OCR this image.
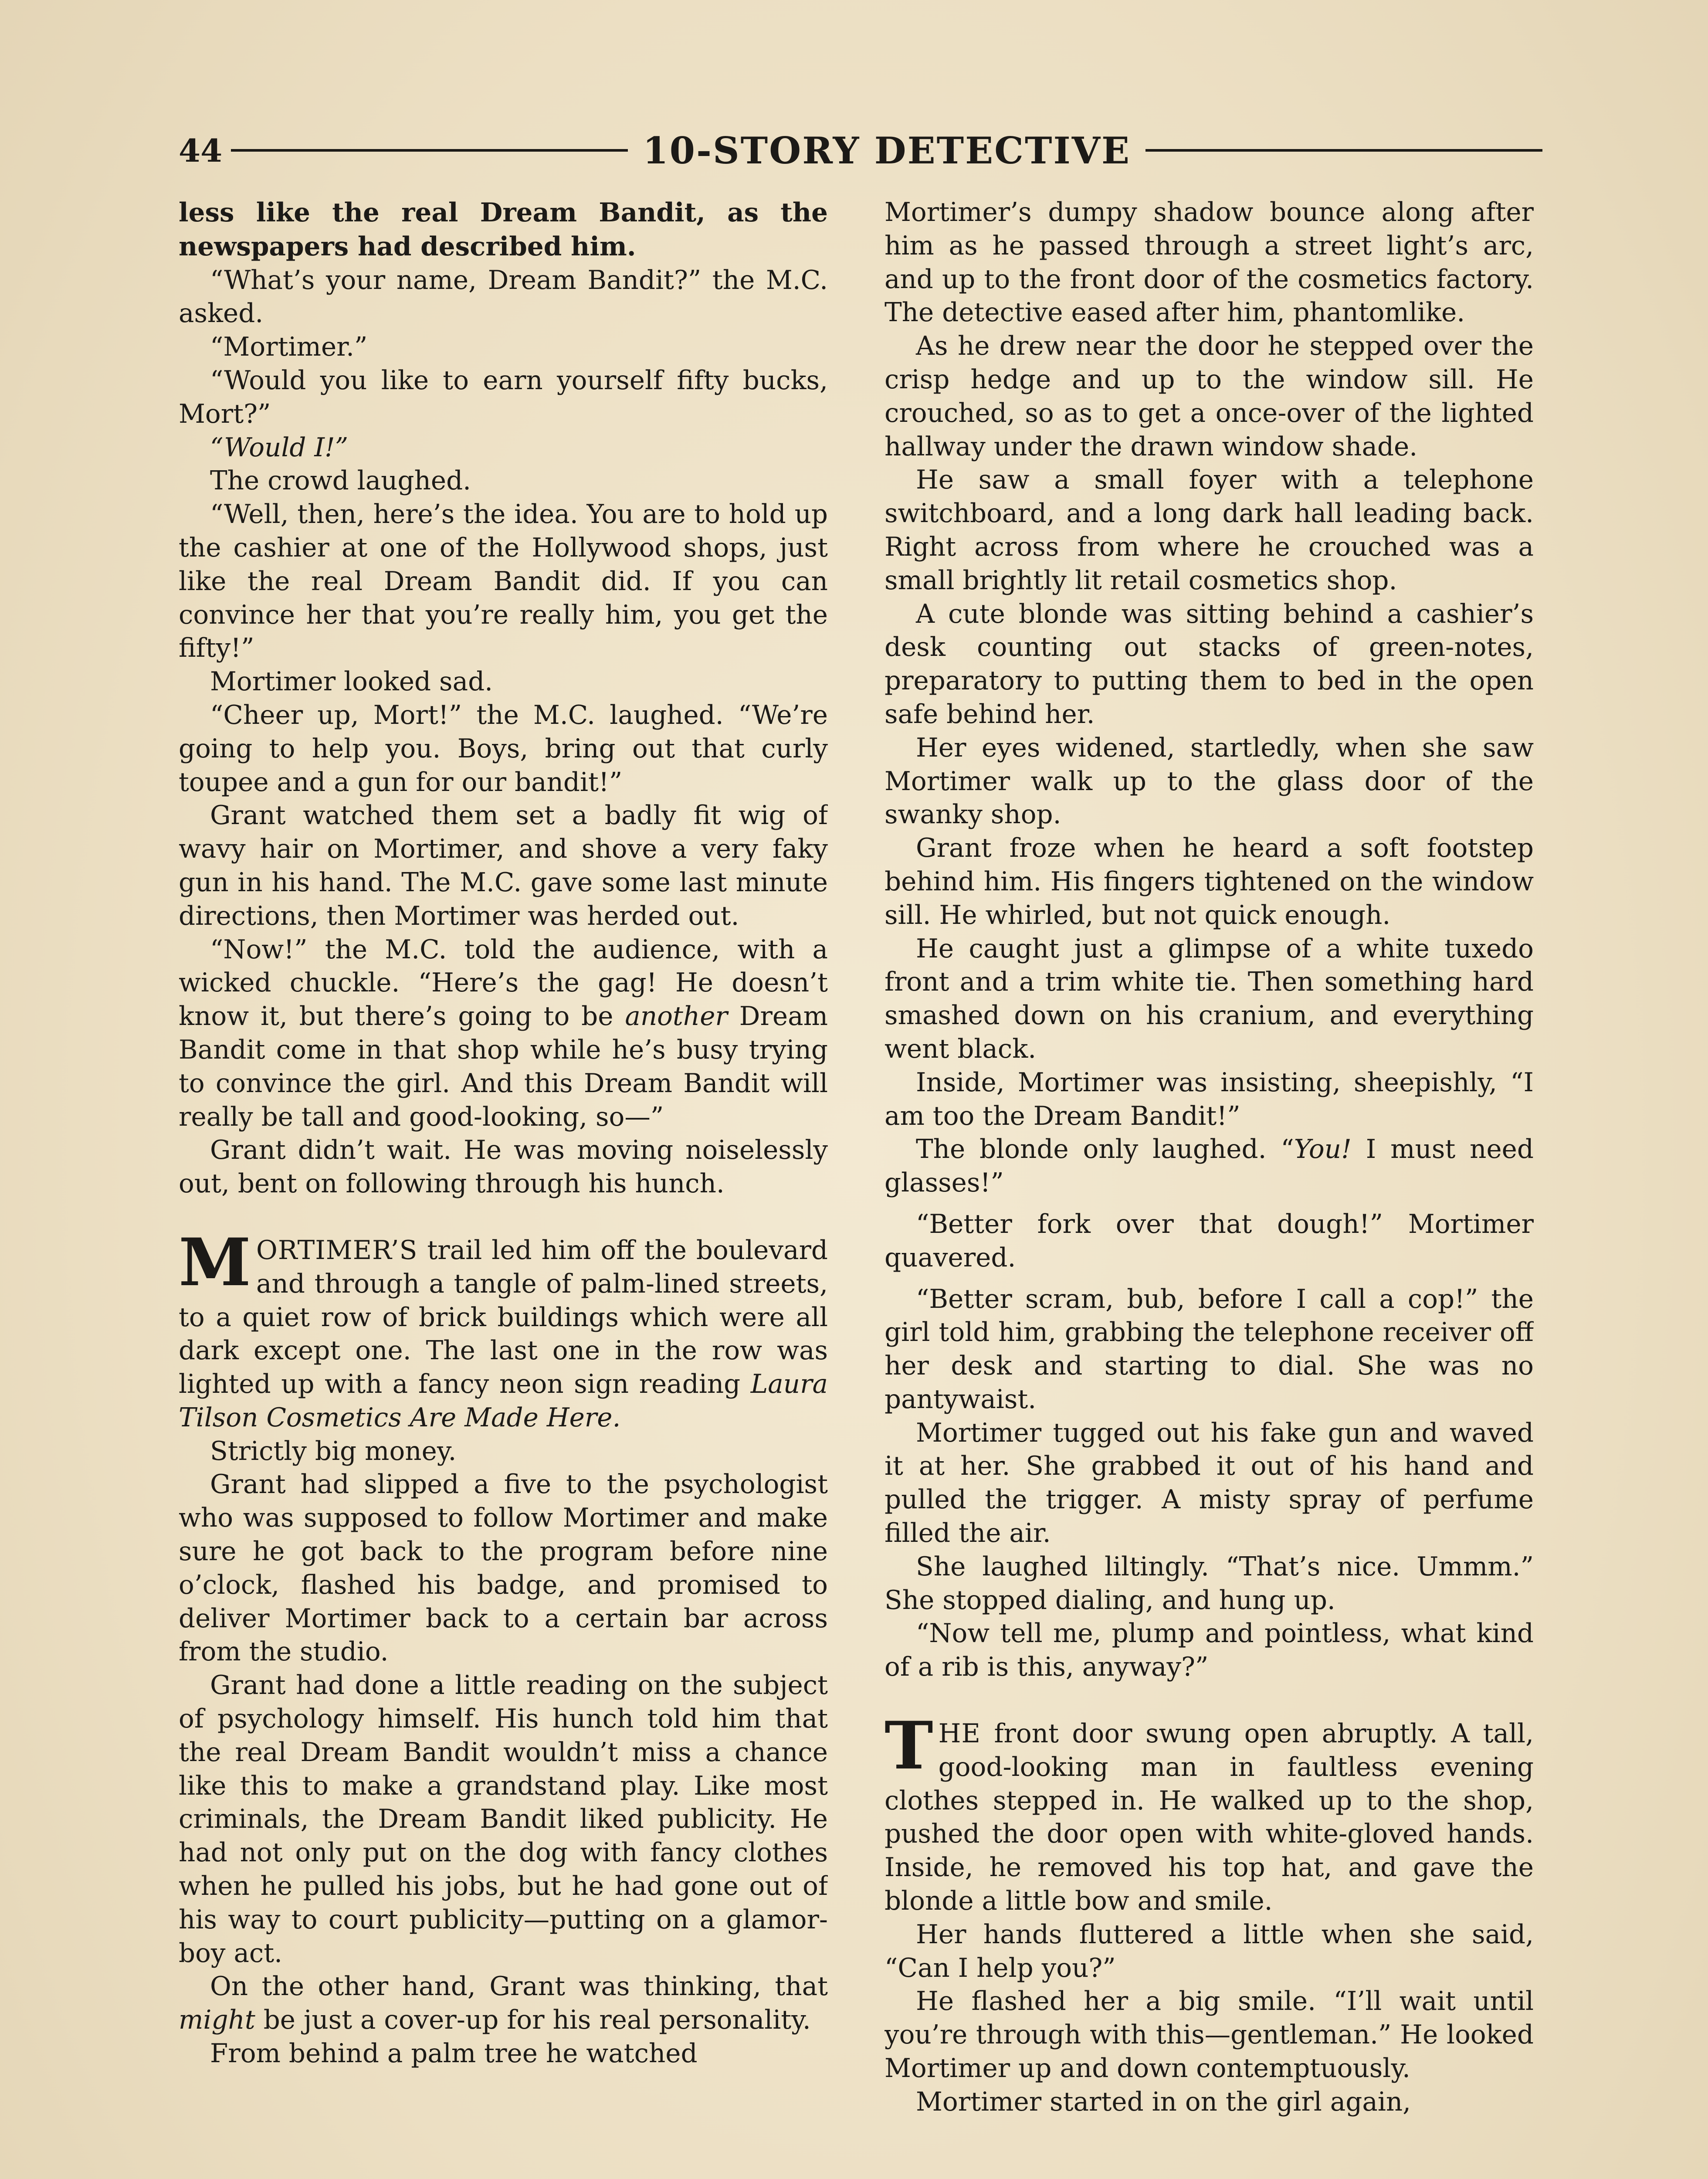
44	10-STORY DETECTIVE

less like the real Dream Bandit, as the newspapers had described him.

“What’s your name, Dream Bandit?” the M.C. asked.

“Mortimer.”

“Would you like to earn yourself fifty bucks, Mort?”

“Would I!”

The crowd laughed.

“Well, then, here’s the idea. You are to hold up the cashier at one of the Hollywood shops, just like the real Dream Bandit did. If you can convince her that you’re really him, you get the fifty!”

Mortimer looked sad.

“Cheer up, Mort!” the M.C. laughed. “We’re going to help you. Boys, bring out that curly toupee and a gun for our bandit!”

Grant watched them set a badly fit wig of wavy hair on Mortimer, and shove a very faky gun in his hand. The M.C. gave some last minute directions, then Mortimer was herded out.

“Now!” the M.C. told the audience, with a wicked chuckle. “Here’s the gag! He doesn’t know it, but there’s going to be another Dream Bandit come in that shop while he’s busy trying to convince the girl. And this Dream Bandit will really be tall and good-looking, so—”

Grant didn’t wait. He was moving noiselessly out, bent on following through his hunch.

MORTIMER’S trail led him off the boulevard and through a tangle of palm-lined streets, to a quiet row of brick buildings which were all dark except one. The last one in the row was lighted up with a fancy neon sign reading Laura Tilson Cosmetics Are Made Here.

Strictly big money.

Grant had slipped a five to the psychologist who was supposed to follow Mortimer and make sure he got back to the program before nine o’clock, flashed his badge, and promised to deliver Mortimer back to a certain bar across from the studio.

Grant had done a little reading on the subject of psychology himself. His hunch told him that the real Dream Bandit wouldn’t miss a chance like this to make a grandstand play. Like most criminals, the Dream Bandit liked publicity. He had not only put on the dog with fancy clothes when he pulled his jobs, but he had gone out of his way to court publicity—putting on a glamor-boy act.

On the other hand, Grant was thinking, that might be just a cover-up for his real personality.

From behind a palm tree he watched

Mortimer’s dumpy shadow bounce along after him as he passed through a street light’s arc, and up to the front door of the cosmetics factory. The detective eased after him, phantomlike.

As he drew near the door he stepped over the crisp hedge and up to the window sill. He crouched, so as to get a once-over of the lighted hallway under the drawn window shade.

He saw a small foyer with a telephone switchboard, and a long dark hall leading back. Right across from where he crouched was a small brightly lit retail cosmetics shop.

A cute blonde was sitting behind a cashier’s desk counting out stacks of green-notes, preparatory to putting them to bed in the open safe behind her.

Her eyes widened, startledly, when she saw Mortimer walk up to the glass door of the swanky shop.

Grant froze when he heard a soft footstep behind him. His fingers tightened on the window sill. He whirled, but not quick enough.

He caught just a glimpse of a white tuxedo front and a trim white tie. Then something hard smashed down on his cranium, and everything went black.

Inside, Mortimer was insisting, sheepishly, “I am too the Dream Bandit!”

The blonde only laughed. “You! I must need glasses!”

“Better fork over that dough!” Mortimer quavered.

“Better scram, bub, before I call a cop!” the girl told him, grabbing the telephone receiver off her desk and starting to dial. She was no pantywaist.

Mortimer tugged out his fake gun and waved it at her. She grabbed it out of his hand and pulled the trigger. A misty spray of perfume filled the air.

She laughed liltingly. “That’s nice. Ummm.” She stopped dialing, and hung up.

“Now tell me, plump and pointless, what kind of a rib is this, anyway?”

THE front door swung open abruptly. A tall, good-looking man in faultless evening clothes stepped in. He walked up to the shop, pushed the door open with white-gloved hands. Inside, he removed his top hat, and gave the blonde a little bow and smile.

Her hands fluttered a little when she said, “Can I help you?”

He flashed her a big smile. “I’ll wait until you’re through with this—gentleman.” He looked Mortimer up and down contemptuously.

Mortimer started in on the girl again,
